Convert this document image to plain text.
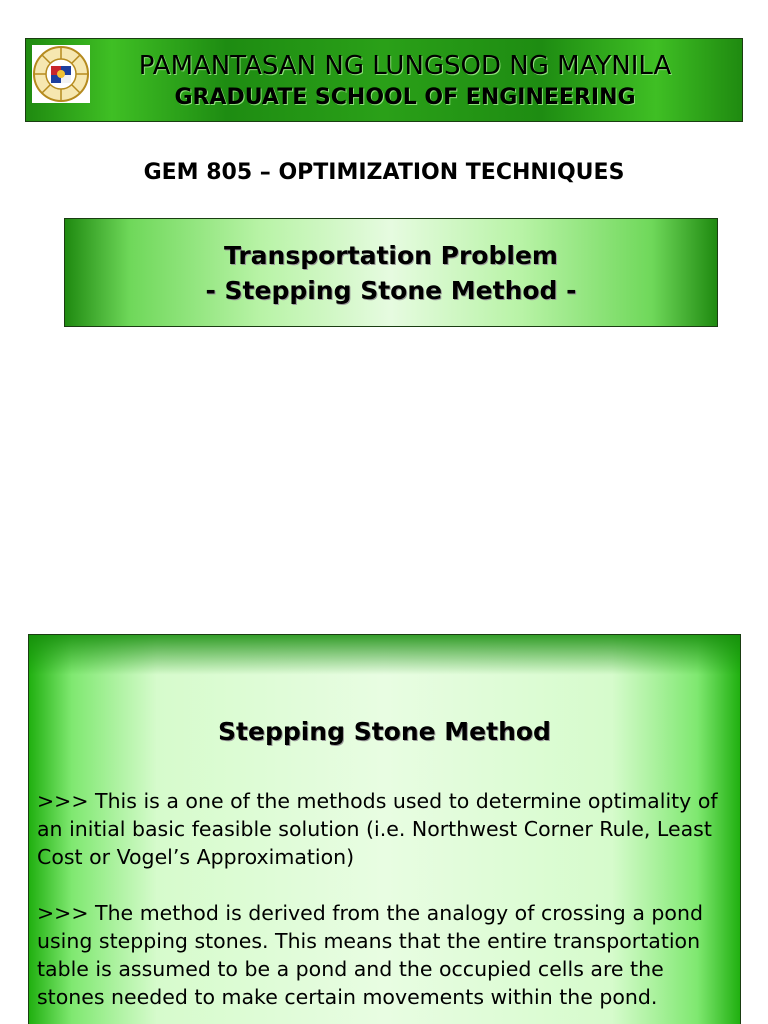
PAMANTASAN NG LUNGSOD NG MAYNILA
GRADUATE SCHOOL OF ENGINEERING
GEM 805 – OPTIMIZATION TECHNIQUES
Transportation Problem
- Stepping Stone Method -
Stepping Stone Method

>>> This is a one of the methods used to determine optimality of an initial basic feasible solution (i.e. Northwest Corner Rule, Least Cost or Vogel’s Approximation)

>>> The method is derived from the analogy of crossing a pond using stepping stones. This means that the entire transportation table is assumed to be a pond and the occupied cells are the stones needed to make certain movements within the pond.
